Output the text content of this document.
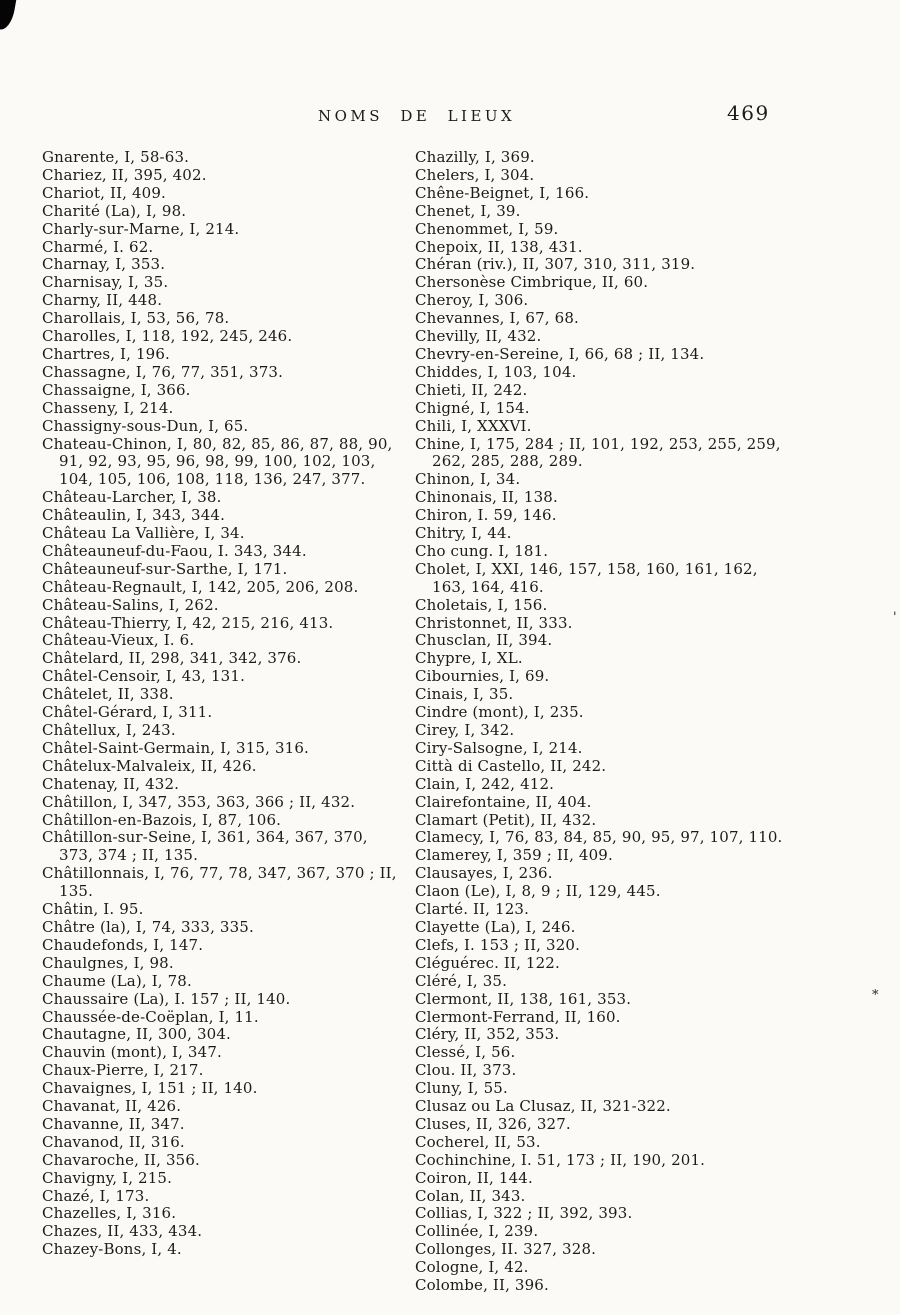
NOMS DE LIEUX	469
Gnarente, I, 58-63.
Chariez, II, 395, 402.
Chariot, II, 409.
Charité (La), I, 98.
Charly-sur-Marne, I, 214.
Charmé, I. 62.
Charnay, I, 353.
Charnisay, I, 35.
Charny, II, 448.
Charollais, I, 53, 56, 78.
Charolles, I, 118, 192, 245, 246.
Chartres, I, 196.
Chassagne, I, 76, 77, 351, 373.
Chassaigne, I, 366.
Chasseny, I, 214.
Chassigny-sous-Dun, I, 65.
Chateau-Chinon, I, 80, 82, 85, 86, 87, 88, 90, 91, 92, 93, 95, 96, 98, 99, 100, 102, 103, 104, 105, 106, 108, 118, 136, 247, 377.
Château-Larcher, I, 38.
Châteaulin, I, 343, 344.
Château La Vallière, I, 34.
Châteauneuf-du-Faou, I. 343, 344.
Châteauneuf-sur-Sarthe, I, 171.
Château-Regnault, I, 142, 205, 206, 208.
Château-Salins, I, 262.
Château-Thierry, I, 42, 215, 216, 413.
Château-Vieux, I. 6.
Châtelard, II, 298, 341, 342, 376.
Châtel-Censoir, I, 43, 131.
Châtelet, II, 338.
Châtel-Gérard, I, 311.
Châtellux, I, 243.
Châtel-Saint-Germain, I, 315, 316.
Châtelux-Malvaleix, II, 426.
Chatenay, II, 432.
Châtillon, I, 347, 353, 363, 366 ; II, 432.
Châtillon-en-Bazois, I, 87, 106.
Châtillon-sur-Seine, I, 361, 364, 367, 370, 373, 374 ; II, 135.
Châtillonnais, I, 76, 77, 78, 347, 367, 370 ; II, 135.
Châtin, I. 95.
Châtre (la), I, 74, 333, 335.
Chaudefonds, I, 147.
Chaulgnes, I, 98.
Chaume (La), I, 78.
Chaussaire (La), I. 157 ; II, 140.
Chaussée-de-Coëplan, I, 11.
Chautagne, II, 300, 304.
Chauvin (mont), I, 347.
Chaux-Pierre, I, 217.
Chavaignes, I, 151 ; II, 140.
Chavanat, II, 426.
Chavanne, II, 347.
Chavanod, II, 316.
Chavaroche, II, 356.
Chavigny, I, 215.
Chazé, I, 173.
Chazelles, I, 316.
Chazes, II, 433, 434.
Chazey-Bons, I, 4.
Chazilly, I, 369.
Chelers, I, 304.
Chêne-Beignet, I, 166.
Chenet, I, 39.
Chenommet, I, 59.
Chepoix, II, 138, 431.
Chéran (riv.), II, 307, 310, 311, 319.
Chersonèse Cimbrique, II, 60.
Cheroy, I, 306.
Chevannes, I, 67, 68.
Chevilly, II, 432.
Chevry-en-Sereine, I, 66, 68 ; II, 134.
Chiddes, I, 103, 104.
Chieti, II, 242.
Chigné, I, 154.
Chili, I, XXXVI.
Chine, I, 175, 284 ; II, 101, 192, 253, 255, 259, 262, 285, 288, 289.
Chinon, I, 34.
Chinonais, II, 138.
Chiron, I. 59, 146.
Chitry, I, 44.
Cho cung. I, 181.
Cholet, I, XXI, 146, 157, 158, 160, 161, 162, 163, 164, 416.
Choletais, I, 156.
Christonnet, II, 333.
Chusclan, II, 394.
Chypre, I, XL.
Cibournies, I, 69.
Cinais, I, 35.
Cindre (mont), I, 235.
Cirey, I, 342.
Ciry-Salsogne, I, 214.
Città di Castello, II, 242.
Clain, I, 242, 412.
Clairefontaine, II, 404.
Clamart (Petit), II, 432.
Clamecy, I, 76, 83, 84, 85, 90, 95, 97, 107, 110.
Clamerey, I, 359 ; II, 409.
Clausayes, I, 236.
Claon (Le), I, 8, 9 ; II, 129, 445.
Clarté. II, 123.
Clayette (La), I, 246.
Clefs, I. 153 ; II, 320.
Cléguérec. II, 122.
Cléré, I, 35.
Clermont, II, 138, 161, 353.
Clermont-Ferrand, II, 160.
Cléry, II, 352, 353.
Clessé, I, 56.
Clou. II, 373.
Cluny, I, 55.
Clusaz ou La Clusaz, II, 321-322.
Cluses, II, 326, 327.
Cocherel, II, 53.
Cochinchine, I. 51, 173 ; II, 190, 201.
Coiron, II, 144.
Colan, II, 343.
Collias, I, 322 ; II, 392, 393.
Collinée, I, 239.
Collonges, II. 327, 328.
Cologne, I, 42.
Colombe, II, 396.
'
*
